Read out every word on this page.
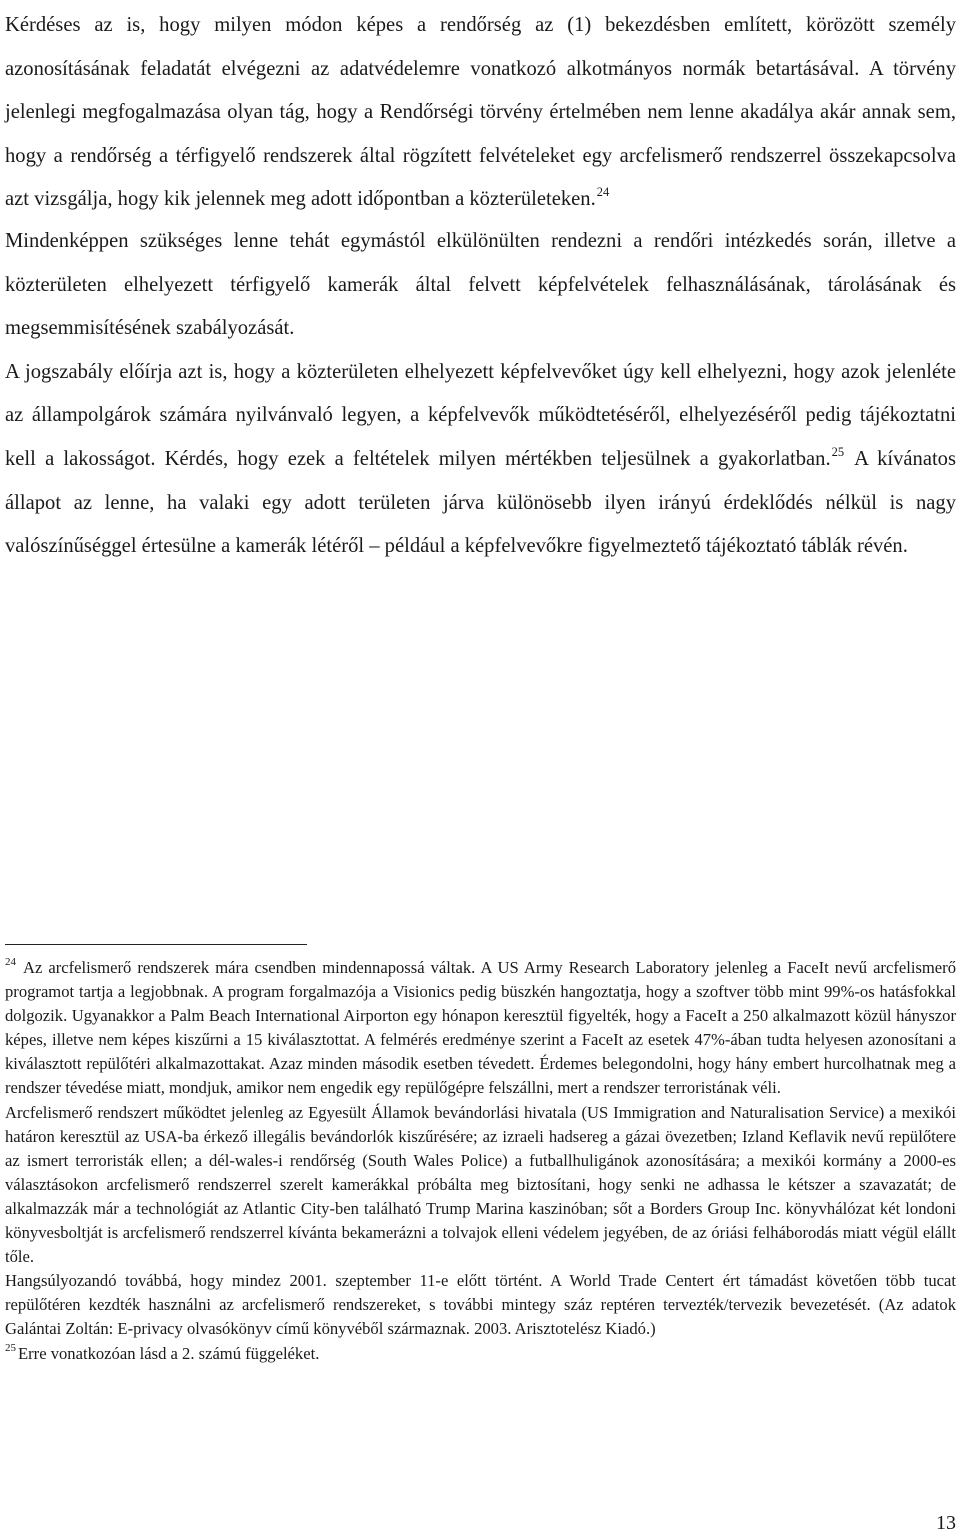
Kérdéses az is, hogy milyen módon képes a rendőrség az (1) bekezdésben említett, körözött személy azonosításának feladatát elvégezni az adatvédelemre vonatkozó alkotmányos normák betartásával. A törvény jelenlegi megfogalmazása olyan tág, hogy a Rendőrségi törvény értelmében nem lenne akadálya akár annak sem, hogy a rendőrség a térfigyelő rendszerek által rögzített felvételeket egy arcfelismerő rendszerrel összekapcsolva azt vizsgálja, hogy kik jelennek meg adott időpontban a közterületeken.$^{24}$

Mindenképpen szükséges lenne tehát egymástól elkülönülten rendezni a rendőri intézkedés során, illetve a közterületen elhelyezett térfigyelő kamerák által felvett képfelvételek felhasználásának, tárolásának és megsemmisítésének szabályozását.

A jogszabály előírja azt is, hogy a közterületen elhelyezett képfelvevőket úgy kell elhelyezni, hogy azok jelenléte az állampolgárok számára nyilvánvaló legyen, a képfelvevők működtetéséről, elhelyezéséről pedig tájékoztatni kell a lakosságot. Kérdés, hogy ezek a feltételek milyen mértékben teljesülnek a gyakorlatban.$^{25}$ A kívánatos állapot az lenne, ha valaki egy adott területen járva különösebb ilyen irányú érdeklődés nélkül is nagy valószínűséggel értesülne a kamerák létéről – például a képfelvevőkre figyelmeztető tájékoztató táblák révén.

$^{24}$ Az arcfelismerő rendszerek mára csendben mindennapossá váltak. A US Army Research Laboratory jelenleg a FaceIt nevű arcfelismerő programot tartja a legjobbnak. A program forgalmazója a Visionics pedig büszkén hangoztatja, hogy a szoftver több mint 99%-os hatásfokkal dolgozik. Ugyanakkor a Palm Beach International Airporton egy hónapon keresztül figyelték, hogy a FaceIt a 250 alkalmazott közül hányszor képes, illetve nem képes kiszűrni a 15 kiválasztottat. A felmérés eredménye szerint a FaceIt az esetek 47%-ában tudta helyesen azonosítani a kiválasztott repülőtéri alkalmazottakat. Azaz minden második esetben tévedett. Érdemes belegondolni, hogy hány embert hurcolhatnak meg a rendszer tévedése miatt, mondjuk, amikor nem engedik egy repülőgépre felszállni, mert a rendszer terroristának véli.

Arcfelismerő rendszert működtet jelenleg az Egyesült Államok bevándorlási hivatala (US Immigration and Naturalisation Service) a mexikói határon keresztül az USA-ba érkező illegális bevándorlók kiszűrésére; az izraeli hadsereg a gázai övezetben; Izland Keflavik nevű repülőtere az ismert terroristák ellen; a dél-wales-i rendőrség (South Wales Police) a futballhuligánok azonosítására; a mexikói kormány a 2000-es választásokon arcfelismerő rendszerrel szerelt kamerákkal próbálta meg biztosítani, hogy senki ne adhassa le kétszer a szavazatát; de alkalmazzák már a technológiát az Atlantic City-ben található Trump Marina kaszinóban; sőt a Borders Group Inc. könyvhálózat két londoni könyvesboltját is arcfelismerő rendszerrel kívánta bekamerázni a tolvajok elleni védelem jegyében, de az óriási felháborodás miatt végül elállt tőle.

Hangsúlyozandó továbbá, hogy mindez 2001. szeptember 11-e előtt történt. A World Trade Centert ért támadást követően több tucat repülőtéren kezdték használni az arcfelismerő rendszereket, s további mintegy száz reptéren tervezték/tervezik bevezetését. (Az adatok Galántai Zoltán: E-privacy olvasókönyv című könyvéből származnak. 2003. Arisztotelész Kiadó.)

$^{25}$ Erre vonatkozóan lásd a 2. számú függeléket.

13
